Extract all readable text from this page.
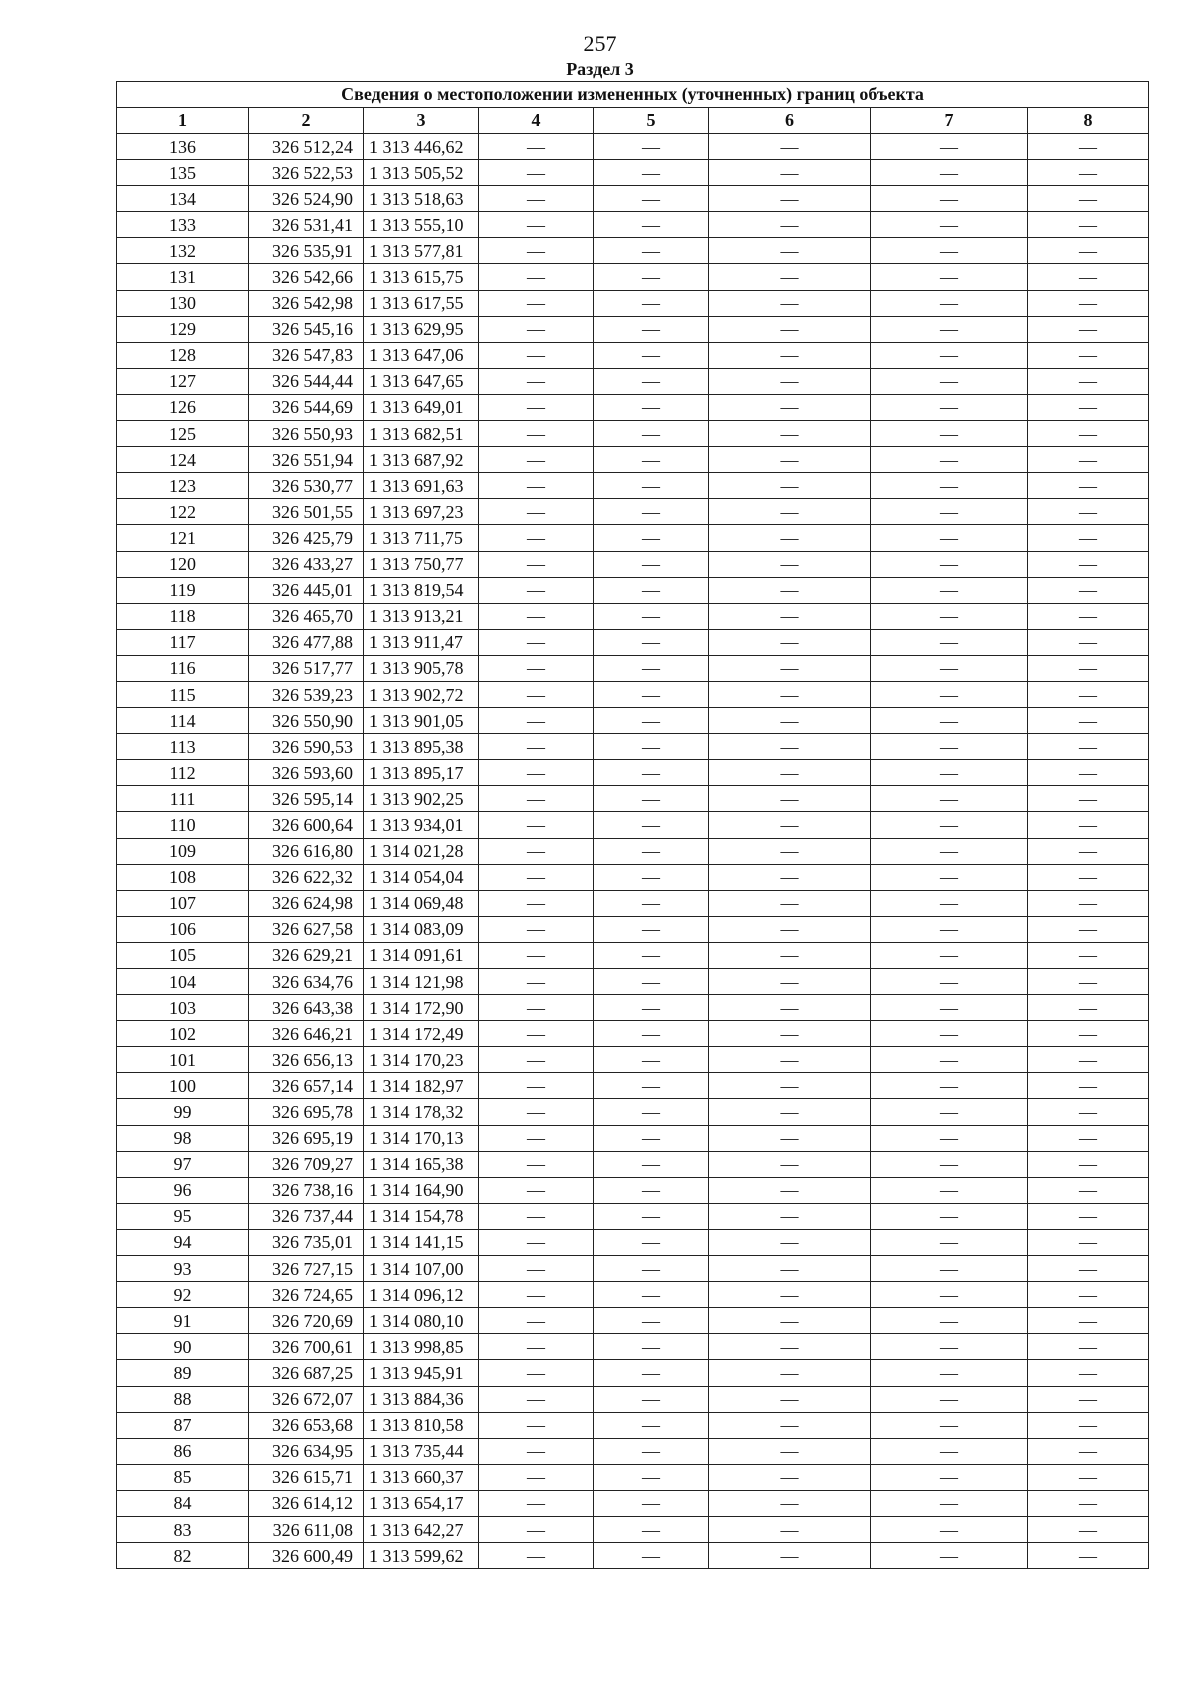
257
Раздел 3
Сведения о местоположении измененных (уточненных) границ объекта							
1	2	3	4	5	6	7	8
136	326 512,24	1 313 446,62	—	—	—	—	—
135	326 522,53	1 313 505,52	—	—	—	—	—
134	326 524,90	1 313 518,63	—	—	—	—	—
133	326 531,41	1 313 555,10	—	—	—	—	—
132	326 535,91	1 313 577,81	—	—	—	—	—
131	326 542,66	1 313 615,75	—	—	—	—	—
130	326 542,98	1 313 617,55	—	—	—	—	—
129	326 545,16	1 313 629,95	—	—	—	—	—
128	326 547,83	1 313 647,06	—	—	—	—	—
127	326 544,44	1 313 647,65	—	—	—	—	—
126	326 544,69	1 313 649,01	—	—	—	—	—
125	326 550,93	1 313 682,51	—	—	—	—	—
124	326 551,94	1 313 687,92	—	—	—	—	—
123	326 530,77	1 313 691,63	—	—	—	—	—
122	326 501,55	1 313 697,23	—	—	—	—	—
121	326 425,79	1 313 711,75	—	—	—	—	—
120	326 433,27	1 313 750,77	—	—	—	—	—
119	326 445,01	1 313 819,54	—	—	—	—	—
118	326 465,70	1 313 913,21	—	—	—	—	—
117	326 477,88	1 313 911,47	—	—	—	—	—
116	326 517,77	1 313 905,78	—	—	—	—	—
115	326 539,23	1 313 902,72	—	—	—	—	—
114	326 550,90	1 313 901,05	—	—	—	—	—
113	326 590,53	1 313 895,38	—	—	—	—	—
112	326 593,60	1 313 895,17	—	—	—	—	—
111	326 595,14	1 313 902,25	—	—	—	—	—
110	326 600,64	1 313 934,01	—	—	—	—	—
109	326 616,80	1 314 021,28	—	—	—	—	—
108	326 622,32	1 314 054,04	—	—	—	—	—
107	326 624,98	1 314 069,48	—	—	—	—	—
106	326 627,58	1 314 083,09	—	—	—	—	—
105	326 629,21	1 314 091,61	—	—	—	—	—
104	326 634,76	1 314 121,98	—	—	—	—	—
103	326 643,38	1 314 172,90	—	—	—	—	—
102	326 646,21	1 314 172,49	—	—	—	—	—
101	326 656,13	1 314 170,23	—	—	—	—	—
100	326 657,14	1 314 182,97	—	—	—	—	—
99	326 695,78	1 314 178,32	—	—	—	—	—
98	326 695,19	1 314 170,13	—	—	—	—	—
97	326 709,27	1 314 165,38	—	—	—	—	—
96	326 738,16	1 314 164,90	—	—	—	—	—
95	326 737,44	1 314 154,78	—	—	—	—	—
94	326 735,01	1 314 141,15	—	—	—	—	—
93	326 727,15	1 314 107,00	—	—	—	—	—
92	326 724,65	1 314 096,12	—	—	—	—	—
91	326 720,69	1 314 080,10	—	—	—	—	—
90	326 700,61	1 313 998,85	—	—	—	—	—
89	326 687,25	1 313 945,91	—	—	—	—	—
88	326 672,07	1 313 884,36	—	—	—	—	—
87	326 653,68	1 313 810,58	—	—	—	—	—
86	326 634,95	1 313 735,44	—	—	—	—	—
85	326 615,71	1 313 660,37	—	—	—	—	—
84	326 614,12	1 313 654,17	—	—	—	—	—
83	326 611,08	1 313 642,27	—	—	—	—	—
82	326 600,49	1 313 599,62	—	—	—	—	—
